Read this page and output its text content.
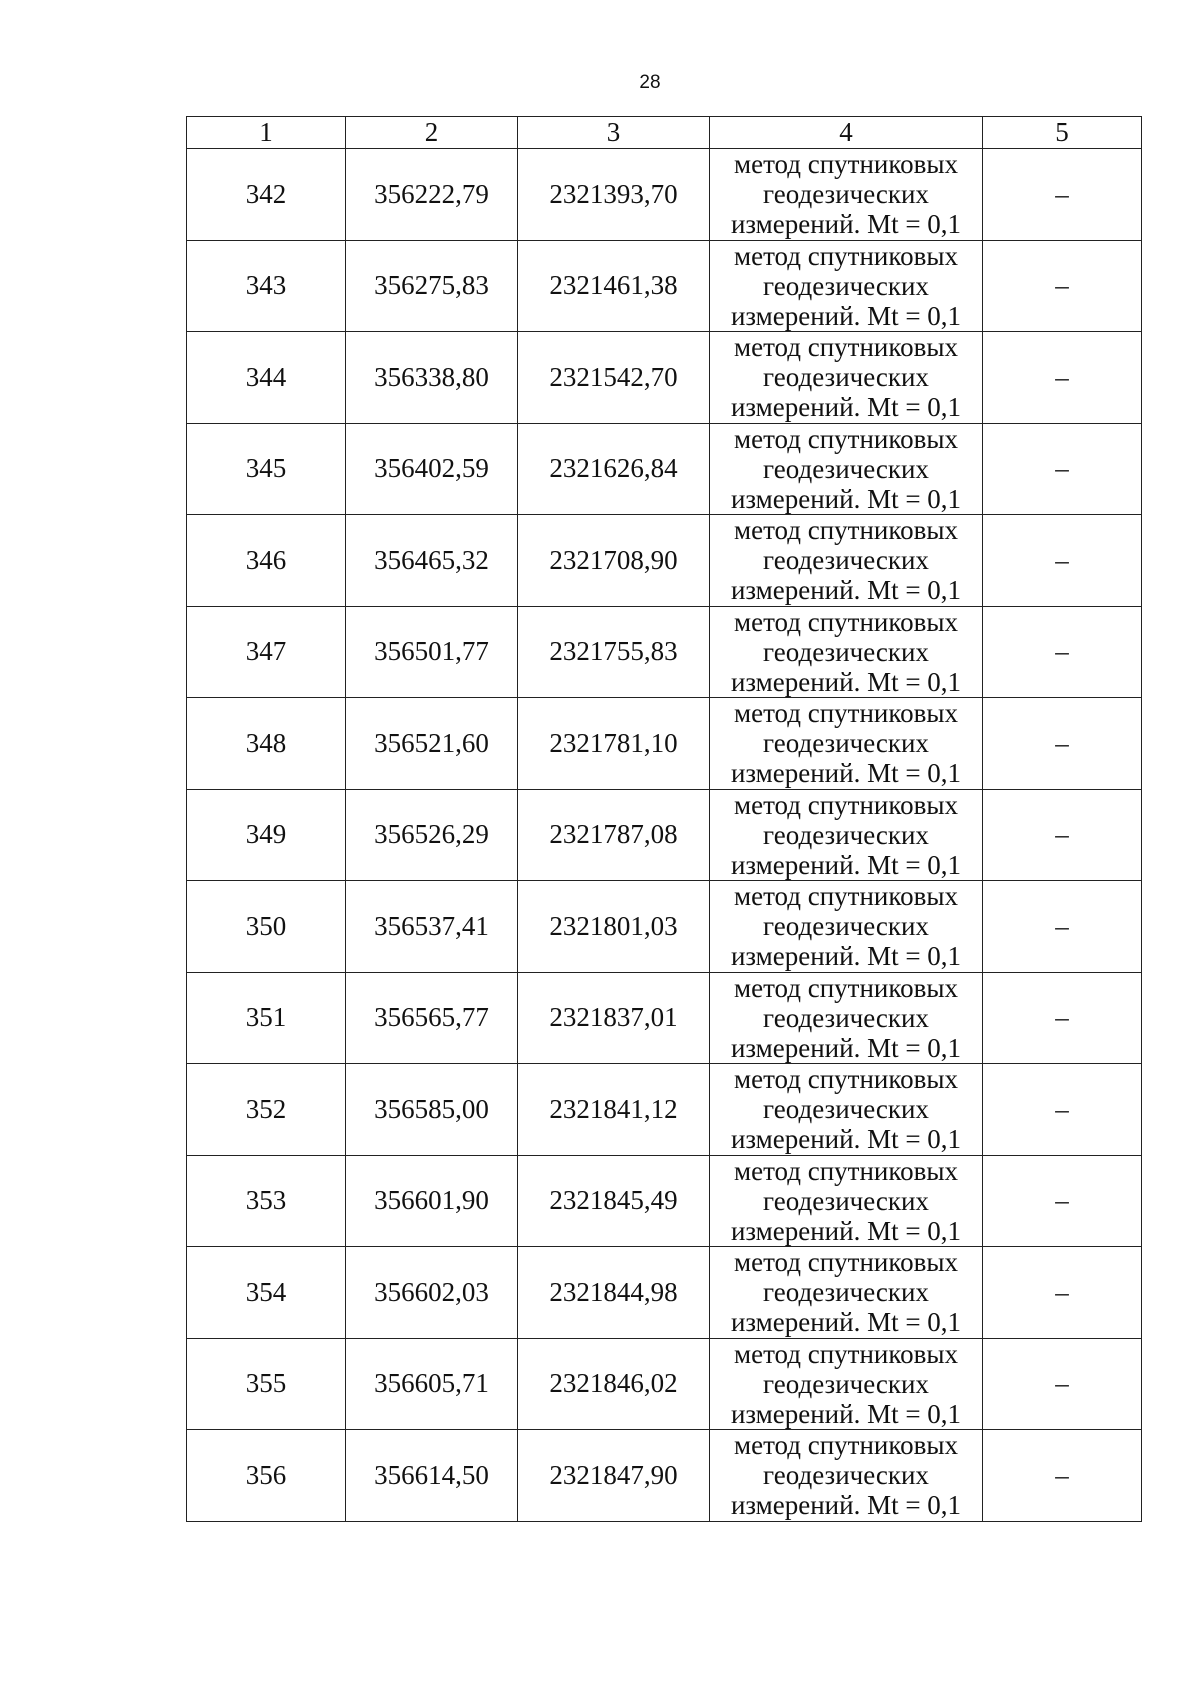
28
1	2	3	4	5
342	356222,79	2321393,70	метод спутниковых
геодезических
измерений. Mt = 0,1	–
343	356275,83	2321461,38	метод спутниковых
геодезических
измерений. Mt = 0,1	–
344	356338,80	2321542,70	метод спутниковых
геодезических
измерений. Mt = 0,1	–
345	356402,59	2321626,84	метод спутниковых
геодезических
измерений. Mt = 0,1	–
346	356465,32	2321708,90	метод спутниковых
геодезических
измерений. Mt = 0,1	–
347	356501,77	2321755,83	метод спутниковых
геодезических
измерений. Mt = 0,1	–
348	356521,60	2321781,10	метод спутниковых
геодезических
измерений. Mt = 0,1	–
349	356526,29	2321787,08	метод спутниковых
геодезических
измерений. Mt = 0,1	–
350	356537,41	2321801,03	метод спутниковых
геодезических
измерений. Mt = 0,1	–
351	356565,77	2321837,01	метод спутниковых
геодезических
измерений. Mt = 0,1	–
352	356585,00	2321841,12	метод спутниковых
геодезических
измерений. Mt = 0,1	–
353	356601,90	2321845,49	метод спутниковых
геодезических
измерений. Mt = 0,1	–
354	356602,03	2321844,98	метод спутниковых
геодезических
измерений. Mt = 0,1	–
355	356605,71	2321846,02	метод спутниковых
геодезических
измерений. Mt = 0,1	–
356	356614,50	2321847,90	метод спутниковых
геодезических
измерений. Mt = 0,1	–
